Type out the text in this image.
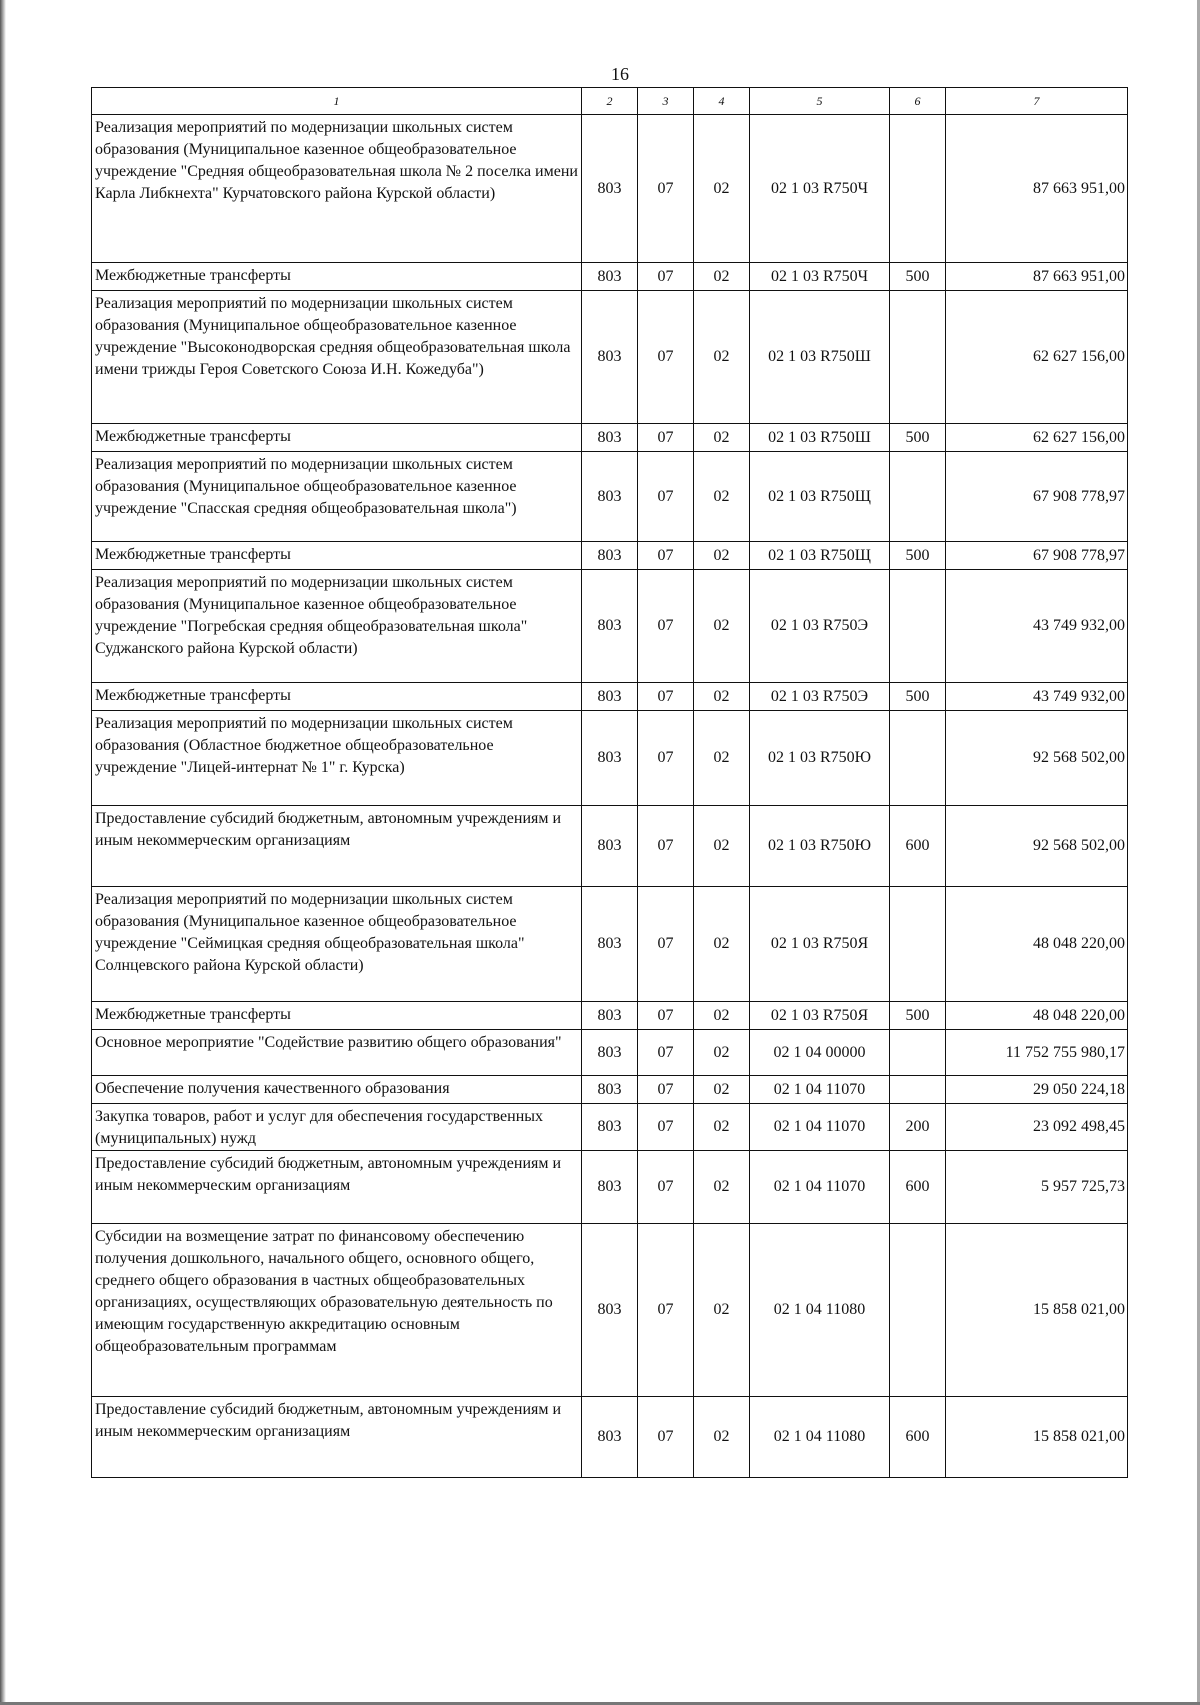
16
1	2	3	4	5	6	7
Реализация мероприятий по модернизации школьных систем образования (Муниципальное казенное общеобразовательное учреждение "Средняя общеобразовательная школа № 2 поселка имени Карла Либкнехта" Курчатовского района Курской области)	803	07	02	02 1 03 R750Ч		87 663 951,00
Межбюджетные трансферты	803	07	02	02 1 03 R750Ч	500	87 663 951,00
Реализация мероприятий по модернизации школьных систем образования (Муниципальное общеобразовательное казенное учреждение "Высоконодворская средняя общеобразовательная школа имени трижды Героя Советского Союза И.Н. Кожедуба")	803	07	02	02 1 03 R750Ш		62 627 156,00
Межбюджетные трансферты	803	07	02	02 1 03 R750Ш	500	62 627 156,00
Реализация мероприятий по модернизации школьных систем образования (Муниципальное общеобразовательное казенное учреждение "Спасская средняя общеобразовательная школа")	803	07	02	02 1 03 R750Щ		67 908 778,97
Межбюджетные трансферты	803	07	02	02 1 03 R750Щ	500	67 908 778,97
Реализация мероприятий по модернизации школьных систем образования (Муниципальное казенное общеобразовательное учреждение "Погребская средняя общеобразовательная школа" Суджанского района Курской области)	803	07	02	02 1 03 R750Э		43 749 932,00
Межбюджетные трансферты	803	07	02	02 1 03 R750Э	500	43 749 932,00
Реализация мероприятий по модернизации школьных систем образования (Областное бюджетное общеобразовательное учреждение "Лицей-интернат № 1" г. Курска)	803	07	02	02 1 03 R750Ю		92 568 502,00
Предоставление субсидий бюджетным, автономным учреждениям и иным некоммерческим организациям	803	07	02	02 1 03 R750Ю	600	92 568 502,00
Реализация мероприятий по модернизации школьных систем образования (Муниципальное казенное общеобразовательное учреждение "Сеймицкая средняя общеобразовательная школа" Солнцевского района Курской области)	803	07	02	02 1 03 R750Я		48 048 220,00
Межбюджетные трансферты	803	07	02	02 1 03 R750Я	500	48 048 220,00
Основное мероприятие "Содействие развитию общего образования"	803	07	02	02 1 04 00000		11 752 755 980,17
Обеспечение получения качественного образования	803	07	02	02 1 04 11070		29 050 224,18
Закупка товаров, работ и услуг для обеспечения государственных (муниципальных) нужд	803	07	02	02 1 04 11070	200	23 092 498,45
Предоставление субсидий бюджетным, автономным учреждениям и иным некоммерческим организациям	803	07	02	02 1 04 11070	600	5 957 725,73
Субсидии на возмещение затрат по финансовому обеспечению получения дошкольного, начального общего, основного общего, среднего общего образования в частных общеобразовательных организациях, осуществляющих образовательную деятельность по имеющим государственную аккредитацию основным общеобразовательным программам	803	07	02	02 1 04 11080		15 858 021,00
Предоставление субсидий бюджетным, автономным учреждениям и иным некоммерческим организациям	803	07	02	02 1 04 11080	600	15 858 021,00
